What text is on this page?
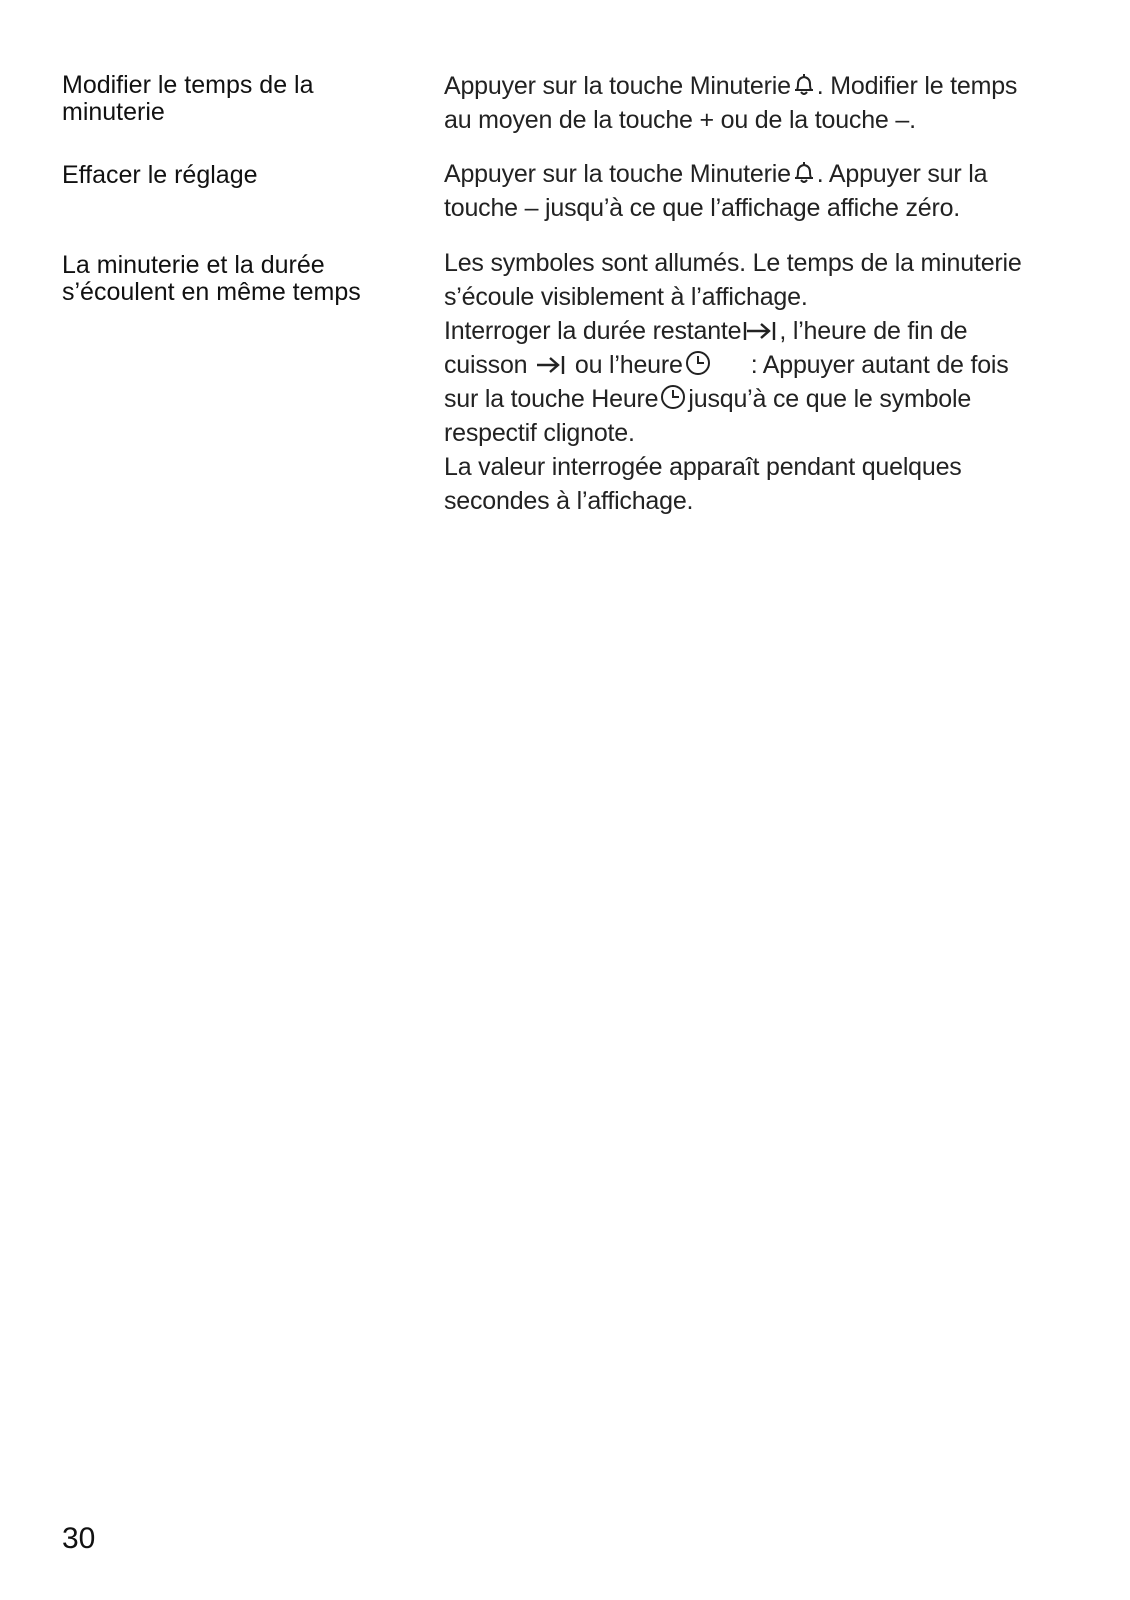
Modifier le temps de la
minuterie
Appuyer sur la touche Minuterie . Modifier le temps
au moyen de la touche + ou de la touche –.
Effacer le réglage	Appuyer sur la touche Minuterie . Appuyer sur la
touche – jusqu’à ce que l’affichage affiche zéro.
La minuterie et la durée
s’écoulent en même temps
Les symboles sont allumés. Le temps de la minuterie
s’écoule visiblement à l’affichage.
Interroger la durée restante , l’heure de fin de
cuisson ou l’heure	: Appuyer autant de fois
sur la touche Heure jusqu’à ce que le symbole
respectif clignote.
La valeur interrogée apparaît pendant quelques
secondes à l’affichage.

30
